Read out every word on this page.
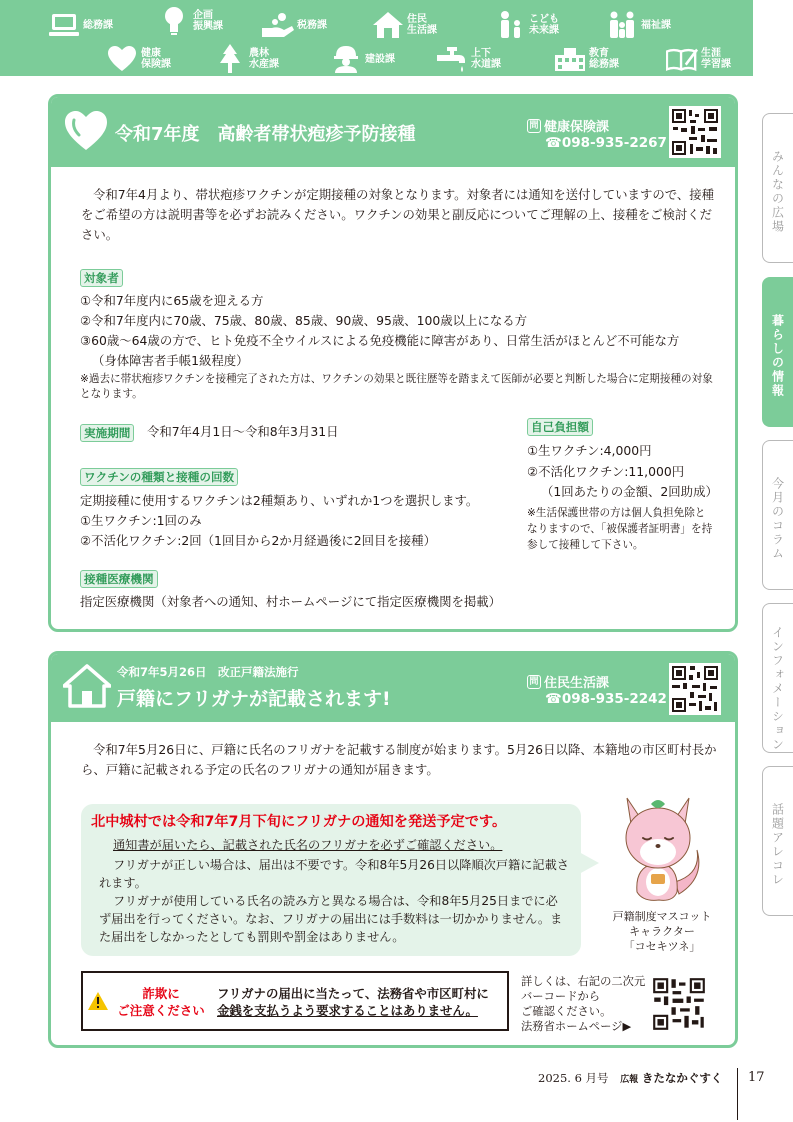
総務課
企画
振興課	税務課	住民
生活課
こども
未来課	福祉課
健康
保険課
農林
水産課	建設課	上下
水道課
教育
総務課
生涯
学習課
みんなの広場
暮らしの情報
今月のコラム
インフォメーション
話題アレコレ
令和7年度　高齢者帯状疱疹予防接種	問 健康保険課
☎098-935-2267
令和7年4月より、帯状疱疹ワクチンが定期接種の対象となります。対象者には通知を送付していますので、接種をご希望の方は説明書等を必ずお読みください。ワクチンの効果と副反応についてご理解の上、接種をご検討ください。
対象者
①令和7年度内に65歳を迎える方
②令和7年度内に70歳、75歳、80歳、85歳、90歳、95歳、100歳以上になる方
③60歳～64歳の方で、ヒト免疫不全ウイルスによる免疫機能に障害があり、日常生活がほとんど不可能な方
（身体障害者手帳1級程度）
※過去に帯状疱疹ワクチンを接種完了された方は、ワクチンの効果と既往歴等を踏まえて医師が必要と判断した場合に定期接種の対象となります。
実施期間	令和7年4月1日～令和8年3月31日
ワクチンの種類と接種の回数
定期接種に使用するワクチンは2種類あり、いずれか1つを選択します。
①生ワクチン:1回のみ
②不活化ワクチン:2回（1回目から2か月経過後に2回目を接種）
自己負担額
①生ワクチン:4,000円
②不活化ワクチン:11,000円
（1回あたりの金額、2回助成）
※生活保護世帯の方は個人負担免除となりますので、「被保護者証明書」を持参して接種して下さい。
接種医療機関
指定医療機関（対象者への通知、村ホームページにて指定医療機関を掲載）
令和7年5月26日　改正戸籍法施行
戸籍にフリガナが記載されます!
問 住民生活課
☎098-935-2242
令和7年5月26日に、戸籍に氏名のフリガナを記載する制度が始まります。5月26日以降、本籍地の市区町村長から、戸籍に記載される予定の氏名のフリガナの通知が届きます。
北中城村では令和7年7月下旬にフリガナの通知を発送予定です。
通知書が届いたら、記載された氏名のフリガナを必ずご確認ください。
フリガナが正しい場合は、届出は不要です。令和8年5月26日以降順次戸籍に記載されます。
フリガナが使用している氏名の読み方と異なる場合は、令和8年5月25日までに必ず届出を行ってください。なお、フリガナの届出には手数料は一切かかりません。また届出をしなかったとしても罰則や罰金はありません。
戸籍制度マスコット
キャラクター
「コセキツネ」
詐欺に
ご注意ください
フリガナの届出に当たって、法務省や市区町村に
金銭を支払うよう要求することはありません。
詳しくは、右記の二次元
バーコードから
ご確認ください。
法務省ホームページ▶
2025. 6 月号 広報 きたなかぐすく 17
